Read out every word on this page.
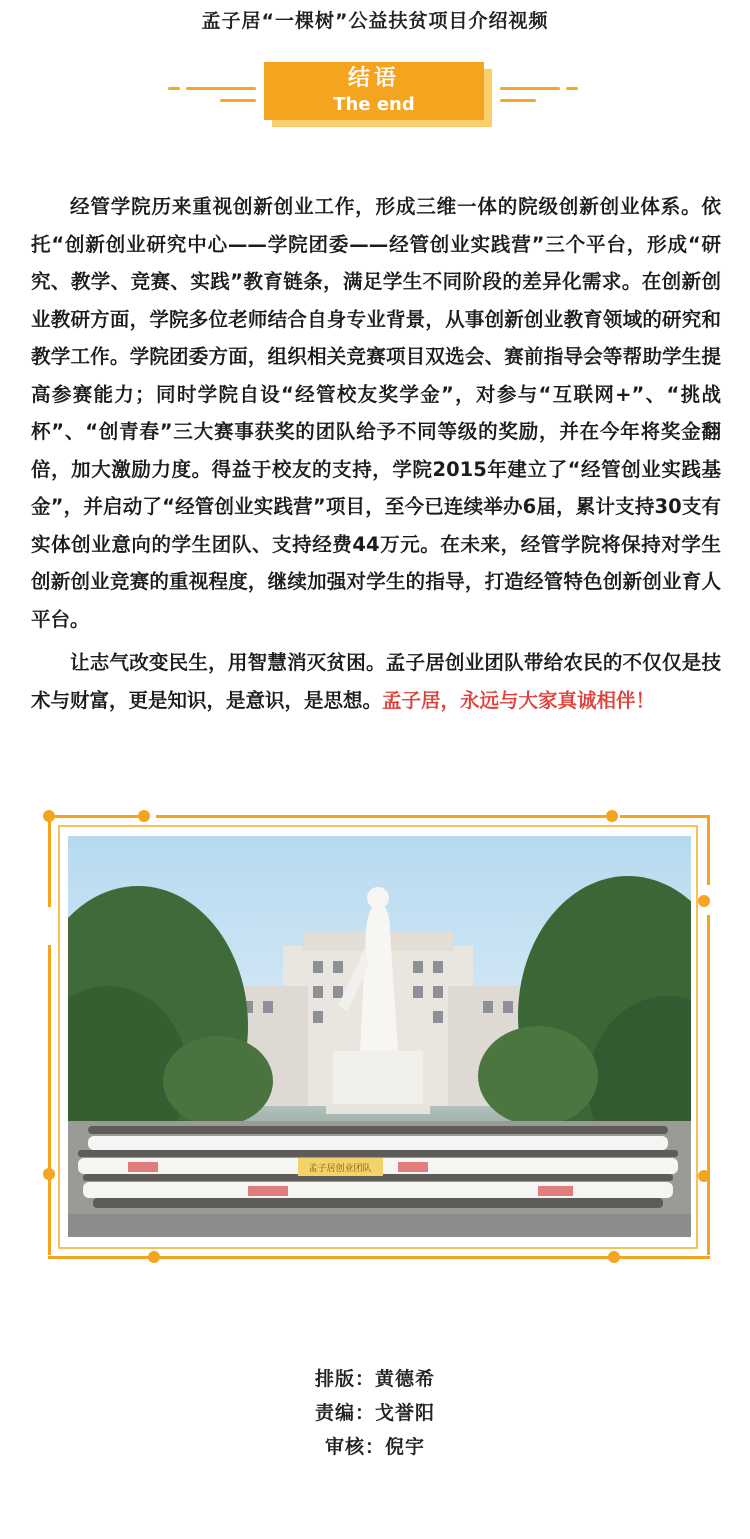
孟子居“一棵树”公益扶贫项目介绍视频
结语
The end

经管学院历来重视创新创业工作，形成三维一体的院级创新创业体系。依托“创新创业研究中心——学院团委——经管创业实践营”三个平台，形成“研究、教学、竞赛、实践”教育链条，满足学生不同阶段的差异化需求。在创新创业教研方面，学院多位老师结合自身专业背景，从事创新创业教育领域的研究和教学工作。学院团委方面，组织相关竞赛项目双选会、赛前指导会等帮助学生提高参赛能力；同时学院自设“经管校友奖学金”，对参与“互联网+”、“挑战杯”、“创青春”三大赛事获奖的团队给予不同等级的奖励，并在今年将奖金翻倍，加大激励力度。得益于校友的支持，学院2015年建立了“经管创业实践基金”，并启动了“经管创业实践营”项目，至今已连续举办6届，累计支持30支有实体创业意向的学生团队、支持经费44万元。在未来，经管学院将保持对学生创新创业竞赛的重视程度，继续加强对学生的指导，打造经管特色创新创业育人平台。

让志气改变民生，用智慧消灭贫困。孟子居创业团队带给农民的不仅仅是技术与财富，更是知识，是意识，是思想。孟子居，永远与大家真诚相伴！

孟子居创业团队
排版：黄德希
责编：戈誉阳
审核：倪宇
